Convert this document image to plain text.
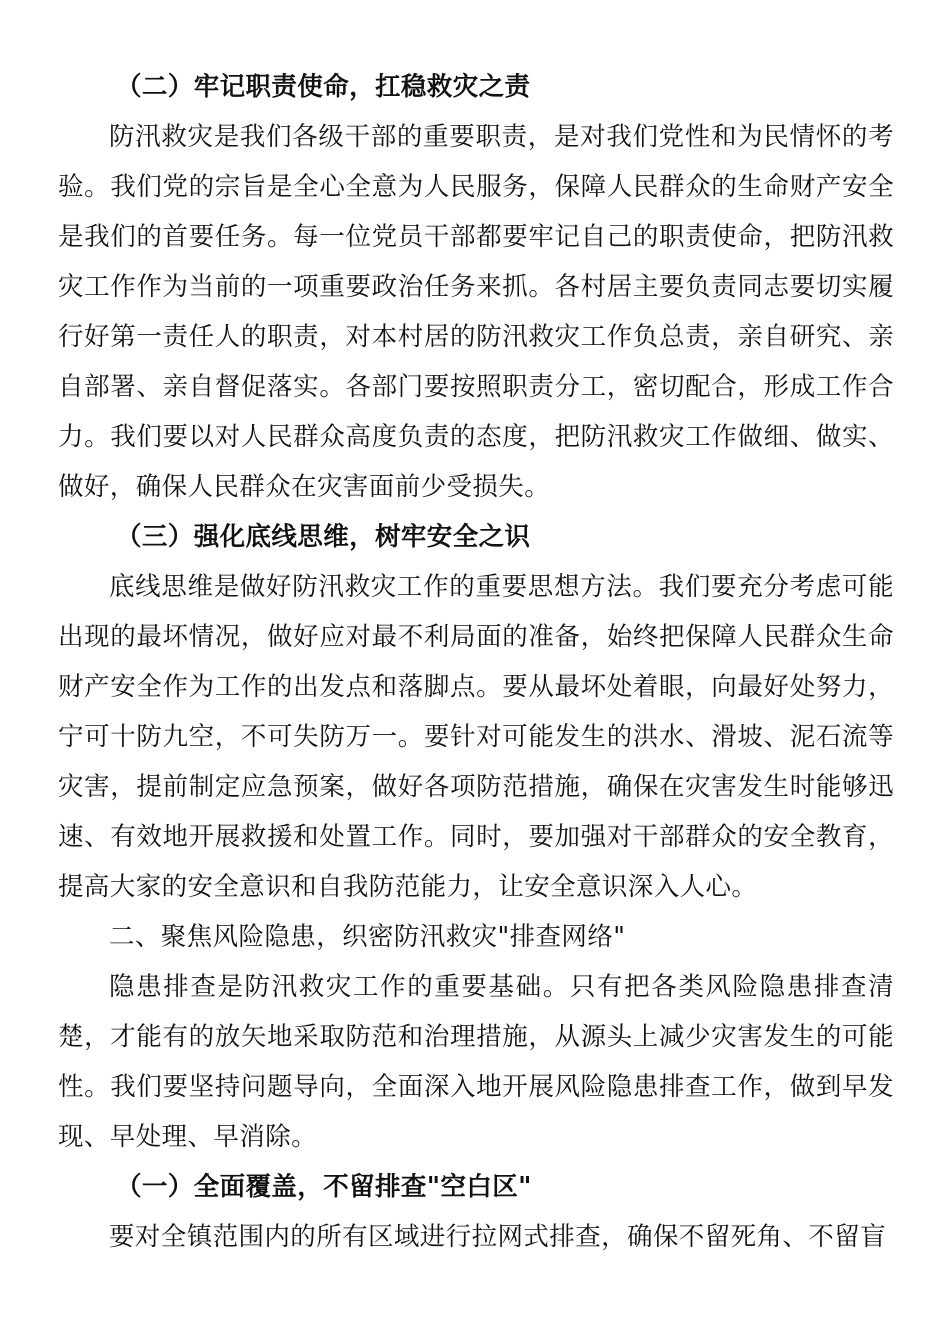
（二）牢记职责使命，扛稳救灾之责

防汛救灾是我们各级干部的重要职责，是对我们党性和为民情怀的考验。我们党的宗旨是全心全意为人民服务，保障人民群众的生命财产安全是我们的首要任务。每一位党员干部都要牢记自己的职责使命，把防汛救灾工作作为当前的一项重要政治任务来抓。各村居主要负责同志要切实履行好第一责任人的职责，对本村居的防汛救灾工作负总责，亲自研究、亲自部署、亲自督促落实。各部门要按照职责分工，密切配合，形成工作合力。我们要以对人民群众高度负责的态度，把防汛救灾工作做细、做实、做好，确保人民群众在灾害面前少受损失。

（三）强化底线思维，树牢安全之识

底线思维是做好防汛救灾工作的重要思想方法。我们要充分考虑可能出现的最坏情况，做好应对最不利局面的准备，始终把保障人民群众生命财产安全作为工作的出发点和落脚点。要从最坏处着眼，向最好处努力，宁可十防九空，不可失防万一。要针对可能发生的洪水、滑坡、泥石流等灾害，提前制定应急预案，做好各项防范措施，确保在灾害发生时能够迅速、有效地开展救援和处置工作。同时，要加强对干部群众的安全教育，提高大家的安全意识和自我防范能力，让安全意识深入人心。

二、聚焦风险隐患，织密防汛救灾"排查网络"

隐患排查是防汛救灾工作的重要基础。只有把各类风险隐患排查清楚，才能有的放矢地采取防范和治理措施，从源头上减少灾害发生的可能性。我们要坚持问题导向，全面深入地开展风险隐患排查工作，做到早发现、早处理、早消除。

（一）全面覆盖，不留排查"空白区"

要对全镇范围内的所有区域进行拉网式排查，确保不留死角、不留盲
